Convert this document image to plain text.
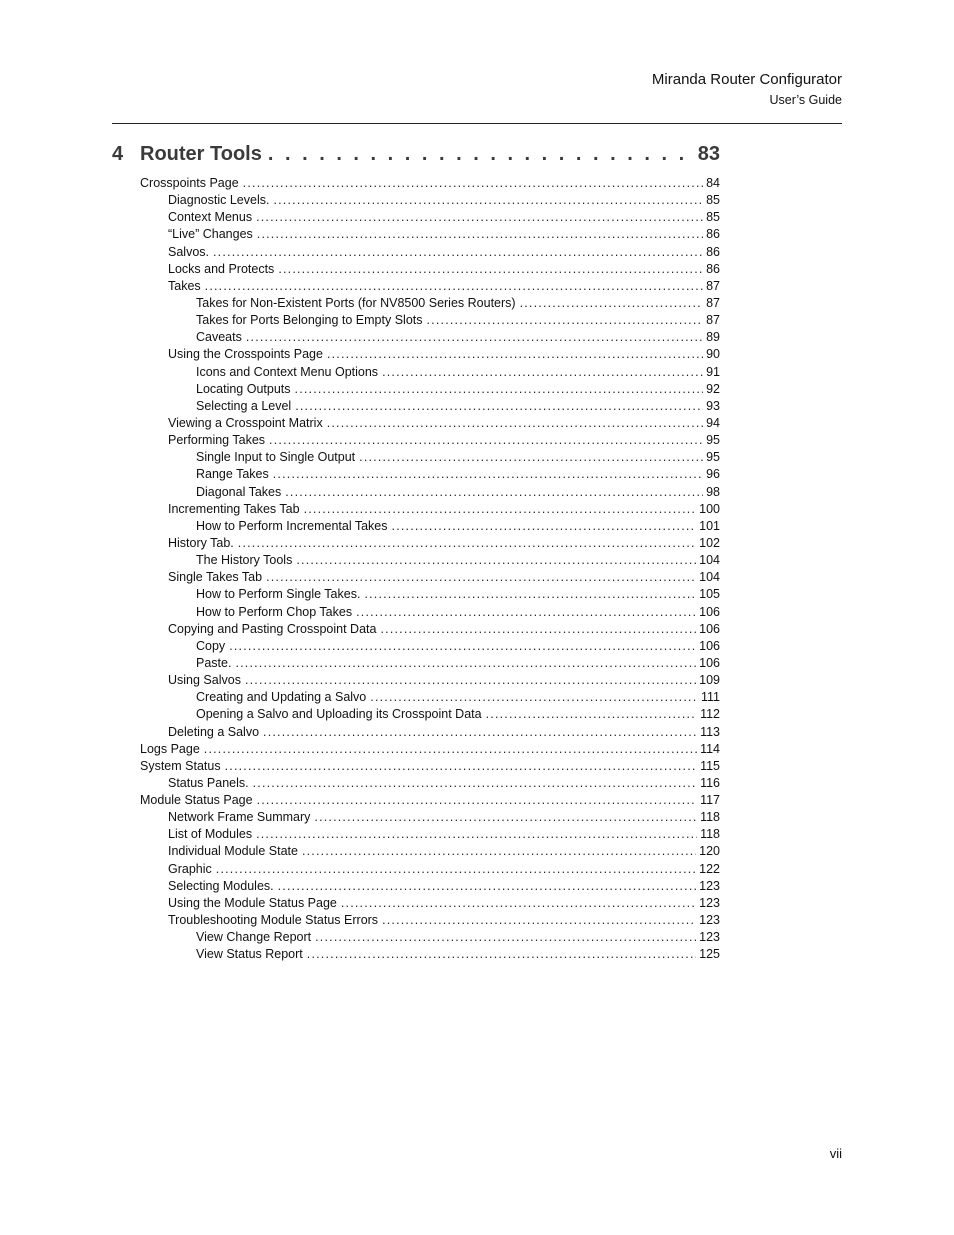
Miranda Router Configurator
User’s Guide
4 Router Tools . . .	83
Crosspoints Page .....	84
Diagnostic Levels. .....	85
Context Menus .....	85
“Live” Changes .....	86
Salvos. .....	86
Locks and Protects .....	86
Takes .....	87
Takes for Non-Existent Ports (for NV8500 Series Routers) .....	87
Takes for Ports Belonging to Empty Slots .....	87
Caveats .....	89
Using the Crosspoints Page .....	90
Icons and Context Menu Options .....	91
Locating Outputs .....	92
Selecting a Level .....	93
Viewing a Crosspoint Matrix .....	94
Performing Takes .....	95
Single Input to Single Output .....	95
Range Takes .....	96
Diagonal Takes .....	98
Incrementing Takes Tab .....	100
How to Perform Incremental Takes .....	101
History Tab. .....	102
The History Tools .....	104
Single Takes Tab .....	104
How to Perform Single Takes. .....	105
How to Perform Chop Takes .....	106
Copying and Pasting Crosspoint Data .....	106
Copy .....	106
Paste. .....	106
Using Salvos .....	109
Creating and Updating a Salvo .....	111
Opening a Salvo and Uploading its Crosspoint Data .....	112
Deleting a Salvo .....	113
Logs Page .....	114
System Status .....	115
Status Panels. .....	116
Module Status Page .....	117
Network Frame Summary .....	118
List of Modules .....	118
Individual Module State .....	120
Graphic .....	122
Selecting Modules. .....	123
Using the Module Status Page .....	123
Troubleshooting Module Status Errors .....	123
View Change Report .....	123
View Status Report .....	125
vii
